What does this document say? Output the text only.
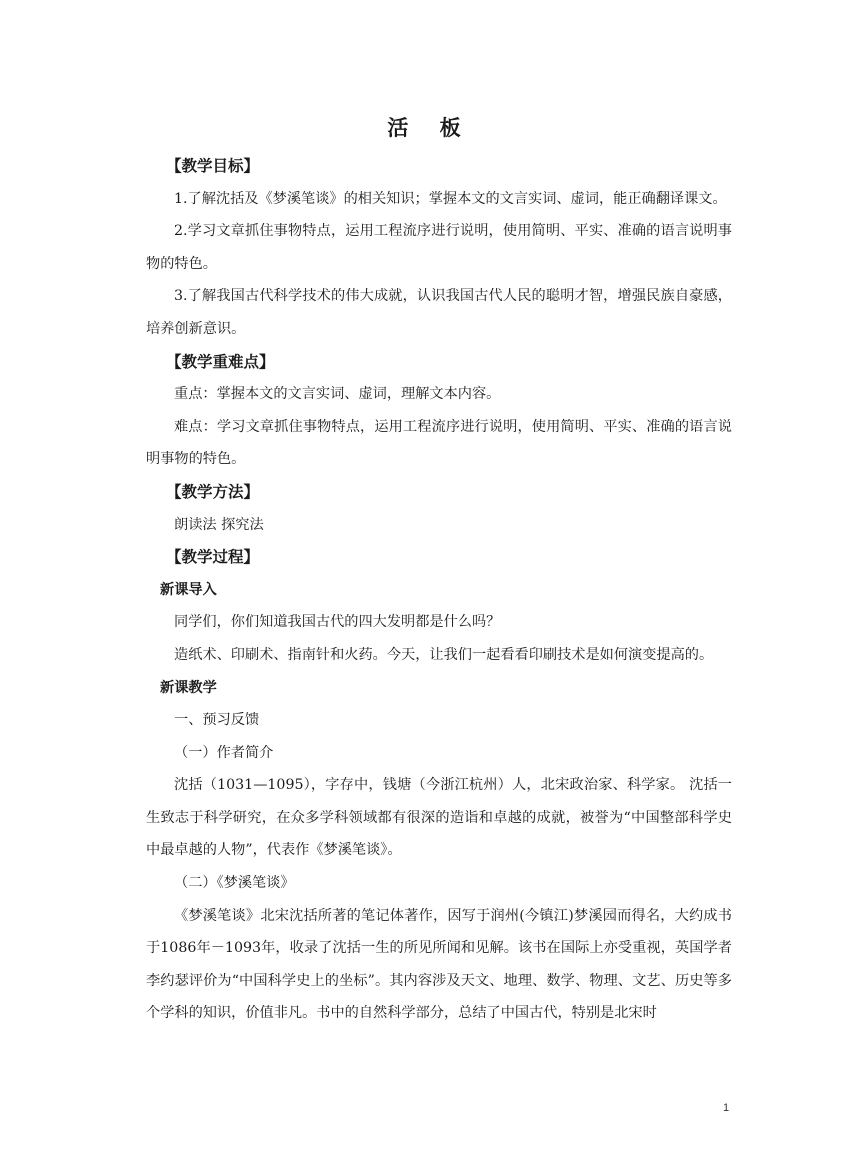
活 板

【教学目标】

1.了解沈括及《梦溪笔谈》的相关知识；掌握本文的文言实词、虚词，能正确翻译课文。

2.学习文章抓住事物特点，运用工程流序进行说明，使用简明、平实、准确的语言说明事物的特色。

3.了解我国古代科学技术的伟大成就，认识我国古代人民的聪明才智，增强民族自豪感，培养创新意识。

【教学重难点】

重点：掌握本文的文言实词、虚词，理解文本内容。

难点：学习文章抓住事物特点，运用工程流序进行说明，使用简明、平实、准确的语言说明事物的特色。

【教学方法】

朗读法 探究法

【教学过程】

新课导入

同学们，你们知道我国古代的四大发明都是什么吗？

造纸术、印刷术、指南针和火药。今天，让我们一起看看印刷技术是如何演变提高的。

新课教学

一、预习反馈

（一）作者简介

沈括（1031—1095），字存中，钱塘（今浙江杭州）人，北宋政治家、科学家。 沈括一生致志于科学研究，在众多学科领域都有很深的造诣和卓越的成就，被誉为“中国整部科学史中最卓越的人物”，代表作《梦溪笔谈》。

（二）《梦溪笔谈》

《梦溪笔谈》北宋沈括所著的笔记体著作，因写于润州(今镇江)梦溪园而得名，大约成书于1086年－1093年，收录了沈括一生的所见所闻和见解。该书在国际上亦受重视，英国学者李约瑟评价为“中国科学史上的坐标”。其内容涉及天文、地理、数学、物理、文艺、历史等多个学科的知识，价值非凡。书中的自然科学部分，总结了中国古代，特别是北宋时

1
